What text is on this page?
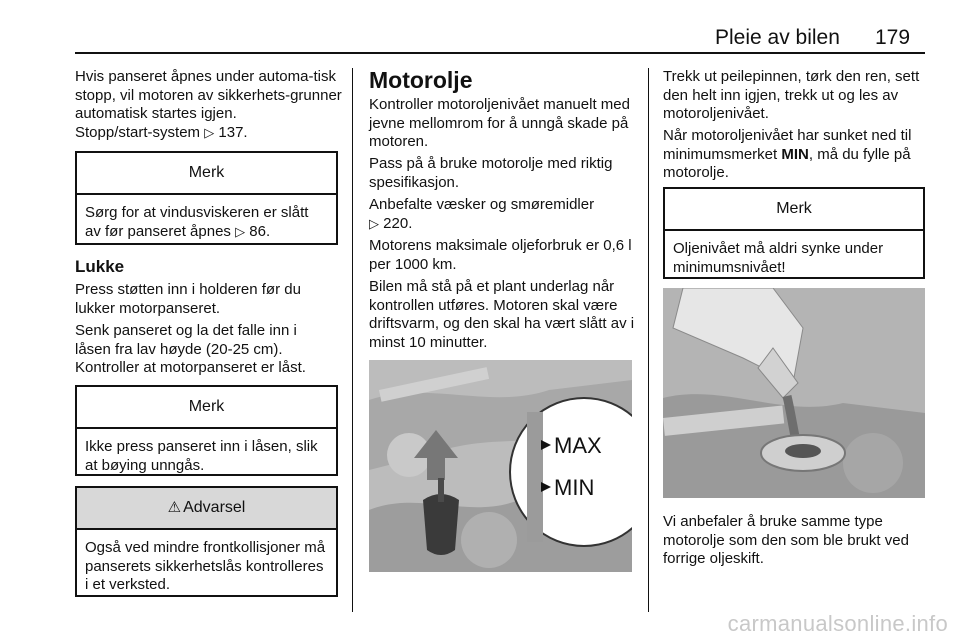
Pleie av bilen 179
Hvis panseret åpnes under automa-tisk stopp, vil motoren av sikkerhets-grunner automatisk startes igjen.
Stopp/start-system ▷ 137.
Merk
Sørg for at vindusviskeren er slått av før panseret åpnes ▷ 86.
Lukke
Press støtten inn i holderen før du lukker motorpanseret.
Senk panseret og la det falle inn i låsen fra lav høyde (20-25 cm). Kontroller at motorpanseret er låst.
Merk
Ikke press panseret inn i låsen, slik at bøying unngås.
⚠ Advarsel
Også ved mindre frontkollisjoner må panserets sikkerhetslås kontrolleres i et verksted.
Motorolje
Kontroller motoroljenivået manuelt med jevne mellomrom for å unngå skade på motoren.
Pass på å bruke motorolje med riktig spesifikasjon.
Anbefalte væsker og smøremidler
▷ 220.
Motorens maksimale oljeforbruk er 0,6 l per 1000 km.
Bilen må stå på et plant underlag når kontrollen utføres. Motoren skal være driftsvarm, og den skal ha vært slått av i minst 10 minutter.
MAX
MIN
Trekk ut peilepinnen, tørk den ren, sett den helt inn igjen, trekk ut og les av motoroljenivået.
Når motoroljenivået har sunket ned til minimumsmerket MIN, må du fylle på motorolje.
Merk
Oljenivået må aldri synke under minimumsnivået!
Vi anbefaler å bruke samme type motorolje som den som ble brukt ved forrige oljeskift.
carmanualsonline.info
